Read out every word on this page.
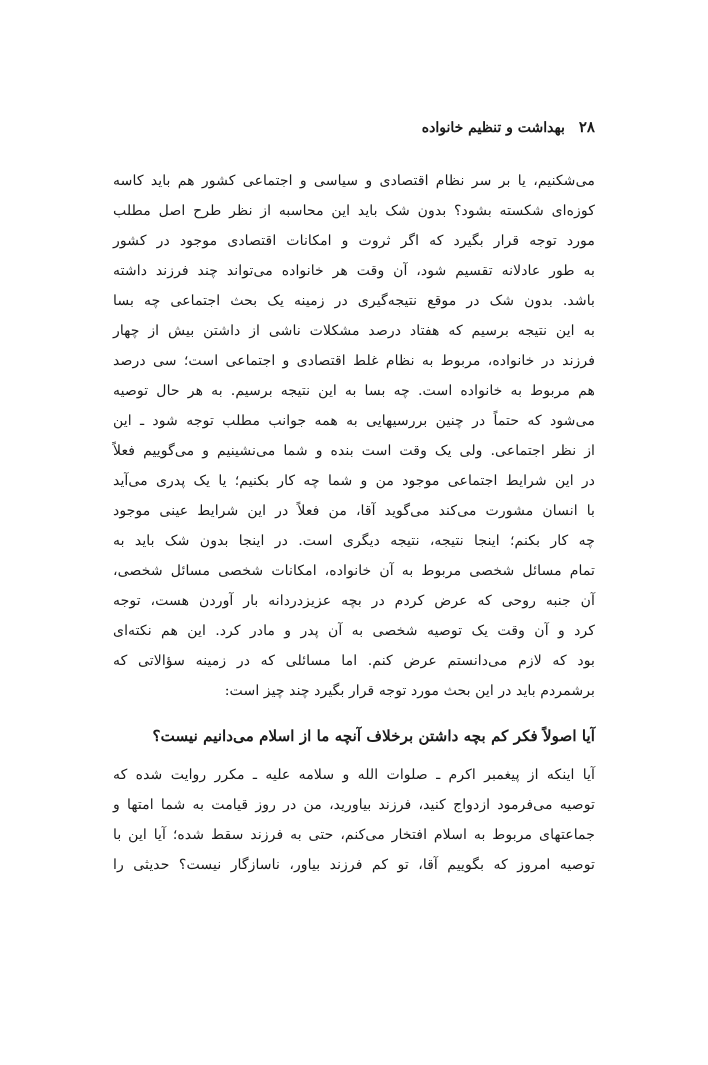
۲۸
بهداشت و تنظیم خانواده
می‌شکنیم، یا بر سر نظام اقتصادی و سیاسی و اجتماعی کشور هم باید کاسه
کوزه‌ای شکسته بشود؟ بدون شک باید این محاسبه از نظر طرح اصل مطلب
مورد توجه قرار بگیرد که اگر ثروت و امکانات اقتصادی موجود در کشور
به طور عادلانه تقسیم شود، آن وقت هر خانواده می‌تواند چند فرزند داشته
باشد. بدون شک در موقع نتیجه‌گیری در زمینه یک بحث اجتماعی چه بسا
به این نتیجه برسیم که هفتاد درصد مشکلات ناشی از داشتن بیش از چهار
فرزند در خانواده، مربوط به نظام غلط اقتصادی و اجتماعی است؛ سی درصد
هم مربوط به خانواده است. چه بسا به این نتیجه برسیم. به هر حال توصیه
می‌شود که حتماً در چنین بررسیهایی به همه جوانب مطلب توجه شود ـ این
از نظر اجتماعی. ولی یک وقت است بنده و شما می‌نشینیم و می‌گوییم فعلاً
در این شرایط اجتماعی موجود من و شما چه کار بکنیم؛ یا یک پدری می‌آید
با انسان مشورت می‌کند می‌گوید آقا، من فعلاً در این شرایط عینی موجود
چه کار بکنم؛ اینجا نتیجه، نتیجه دیگری است. در اینجا بدون شک باید به
تمام مسائل شخصی مربوط به آن خانواده، امکانات شخصی مسائل شخصی،
آن جنبه روحی که عرض کردم در بچه عزیزدردانه بار آوردن هست، توجه
کرد و آن وقت یک توصیه شخصی به آن پدر و مادر کرد. این هم نکته‌ای
بود که لازم می‌دانستم عرض کنم. اما مسائلی که در زمینه سؤالاتی که
برشمردم باید در این بحث مورد توجه قرار بگیرد چند چیز است:
آیا اصولاً فکر کم بچه داشتن برخلاف آنچه ما از اسلام می‌دانیم نیست؟
آیا اینکه از پیغمبر اکرم ـ صلوات الله و سلامه علیه ـ مکرر روایت شده که
توصیه می‌فرمود ازدواج کنید، فرزند بیاورید، من در روز قیامت به شما امتها و
جماعتهای مربوط به اسلام افتخار می‌کنم، حتی به فرزند سقط شده؛ آیا این با
توصیه امروز که بگوییم آقا، تو کم فرزند بیاور، ناسازگار نیست؟ حدیثی را
